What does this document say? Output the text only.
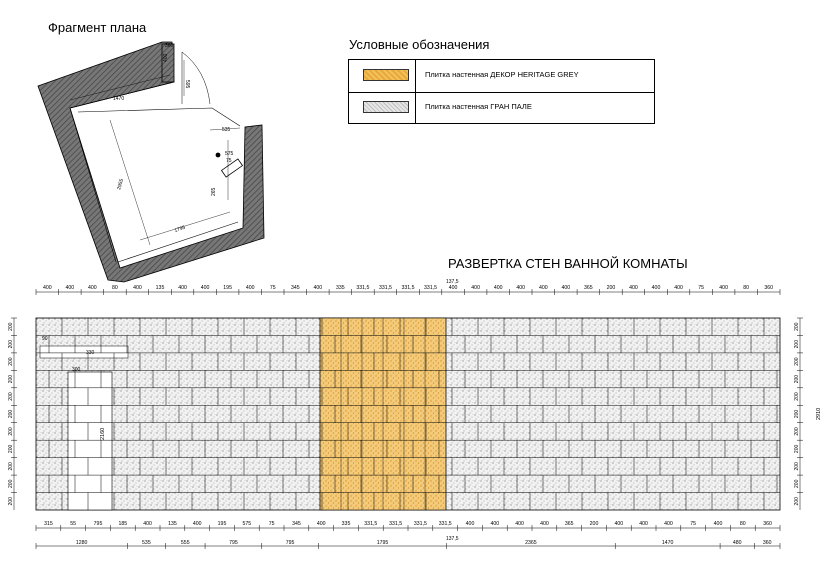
Фрагмент плана
Условные обозначения
Плитка настенная ДЕКОР HERITAGE GREY
Плитка настенная ГРАН ПАЛЕ
РАЗВЕРТКА СТЕН ВАННОЙ КОМНАТЫ
360
400
1470
2955
1795
535
575
595
75
265
400	400	400	80	400	135	400	400	195	400	75	345	400	335 331,5 331,5 331,5 331,5 400	400	400	400	400	400	365	200	400	400	400	75	400	80	360
315	55	795	185	400	135	400	195	575	75	345	400	335	331,5 331,5 331,5 331,5	400	400	400	400	365	200	400	400	400	75	400	80	360
1280	535	555	795	795	1795	2365	1470	480	360
200
200
200
200
200
200
200
200
200
200
200
200
200
200
200
200
200
200
200
200
200
200
90
330
2160
300
2910
137,5
137,5
